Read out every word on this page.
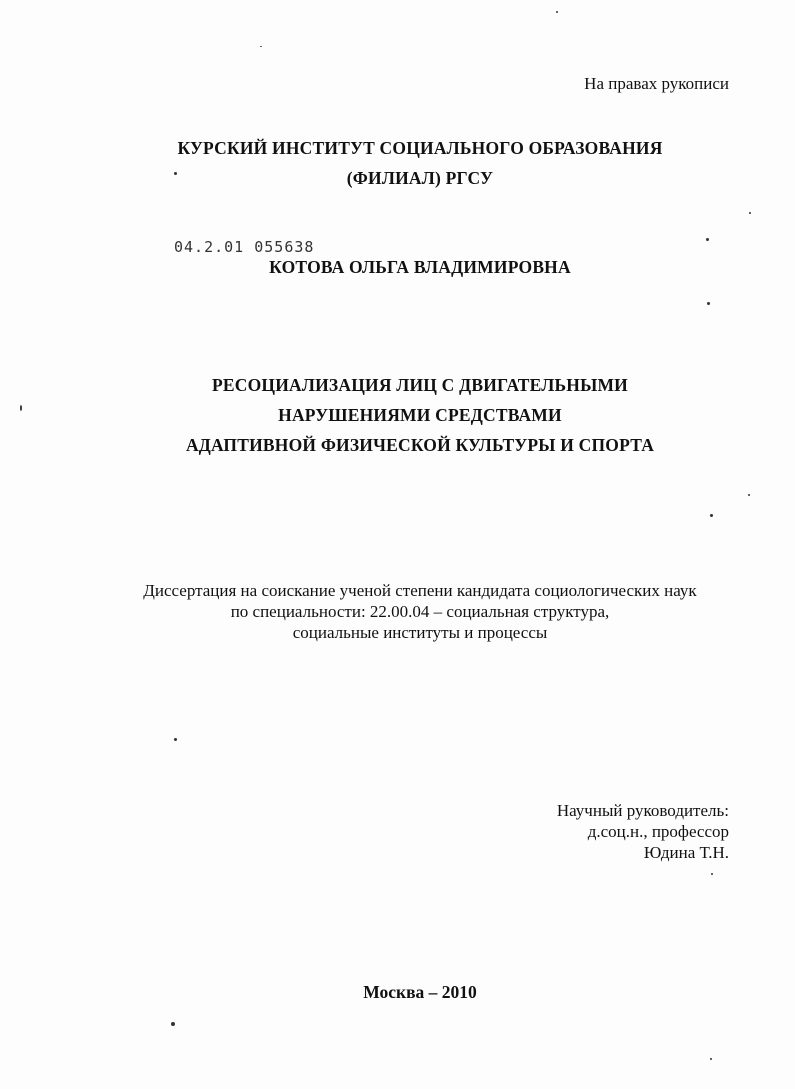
На правах рукописи
КУРСКИЙ ИНСТИТУТ СОЦИАЛЬНОГО ОБРАЗОВАНИЯ
(ФИЛИАЛ) РГСУ
04.2.01 055638
КОТОВА ОЛЬГА ВЛАДИМИРОВНА
РЕСОЦИАЛИЗАЦИЯ ЛИЦ С ДВИГАТЕЛЬНЫМИ
НАРУШЕНИЯМИ СРЕДСТВАМИ
АДАПТИВНОЙ ФИЗИЧЕСКОЙ КУЛЬТУРЫ И СПОРТА
Диссертация на соискание ученой степени кандидата социологических наук
по специальности: 22.00.04 – социальная структура,
социальные институты и процессы
Научный руководитель:
д.соц.н., профессор
Юдина Т.Н.
Москва – 2010
